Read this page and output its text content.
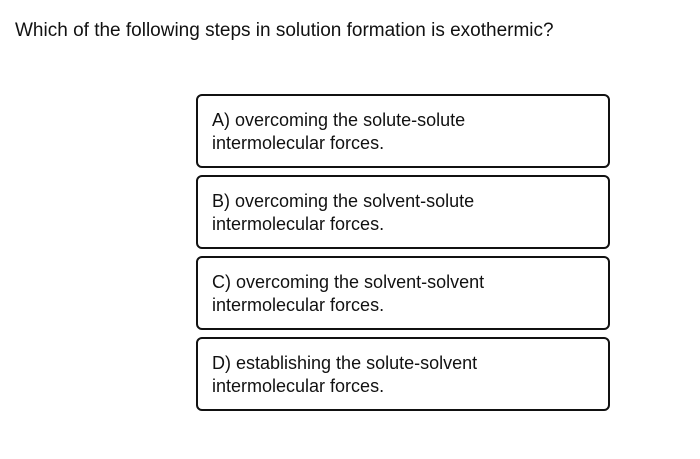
Which of the following steps in solution formation is exothermic?
A) overcoming the solute-solute
intermolecular forces.
B) overcoming the solvent-solute
intermolecular forces.
C) overcoming the solvent-solvent
intermolecular forces.
D) establishing the solute-solvent
intermolecular forces.
